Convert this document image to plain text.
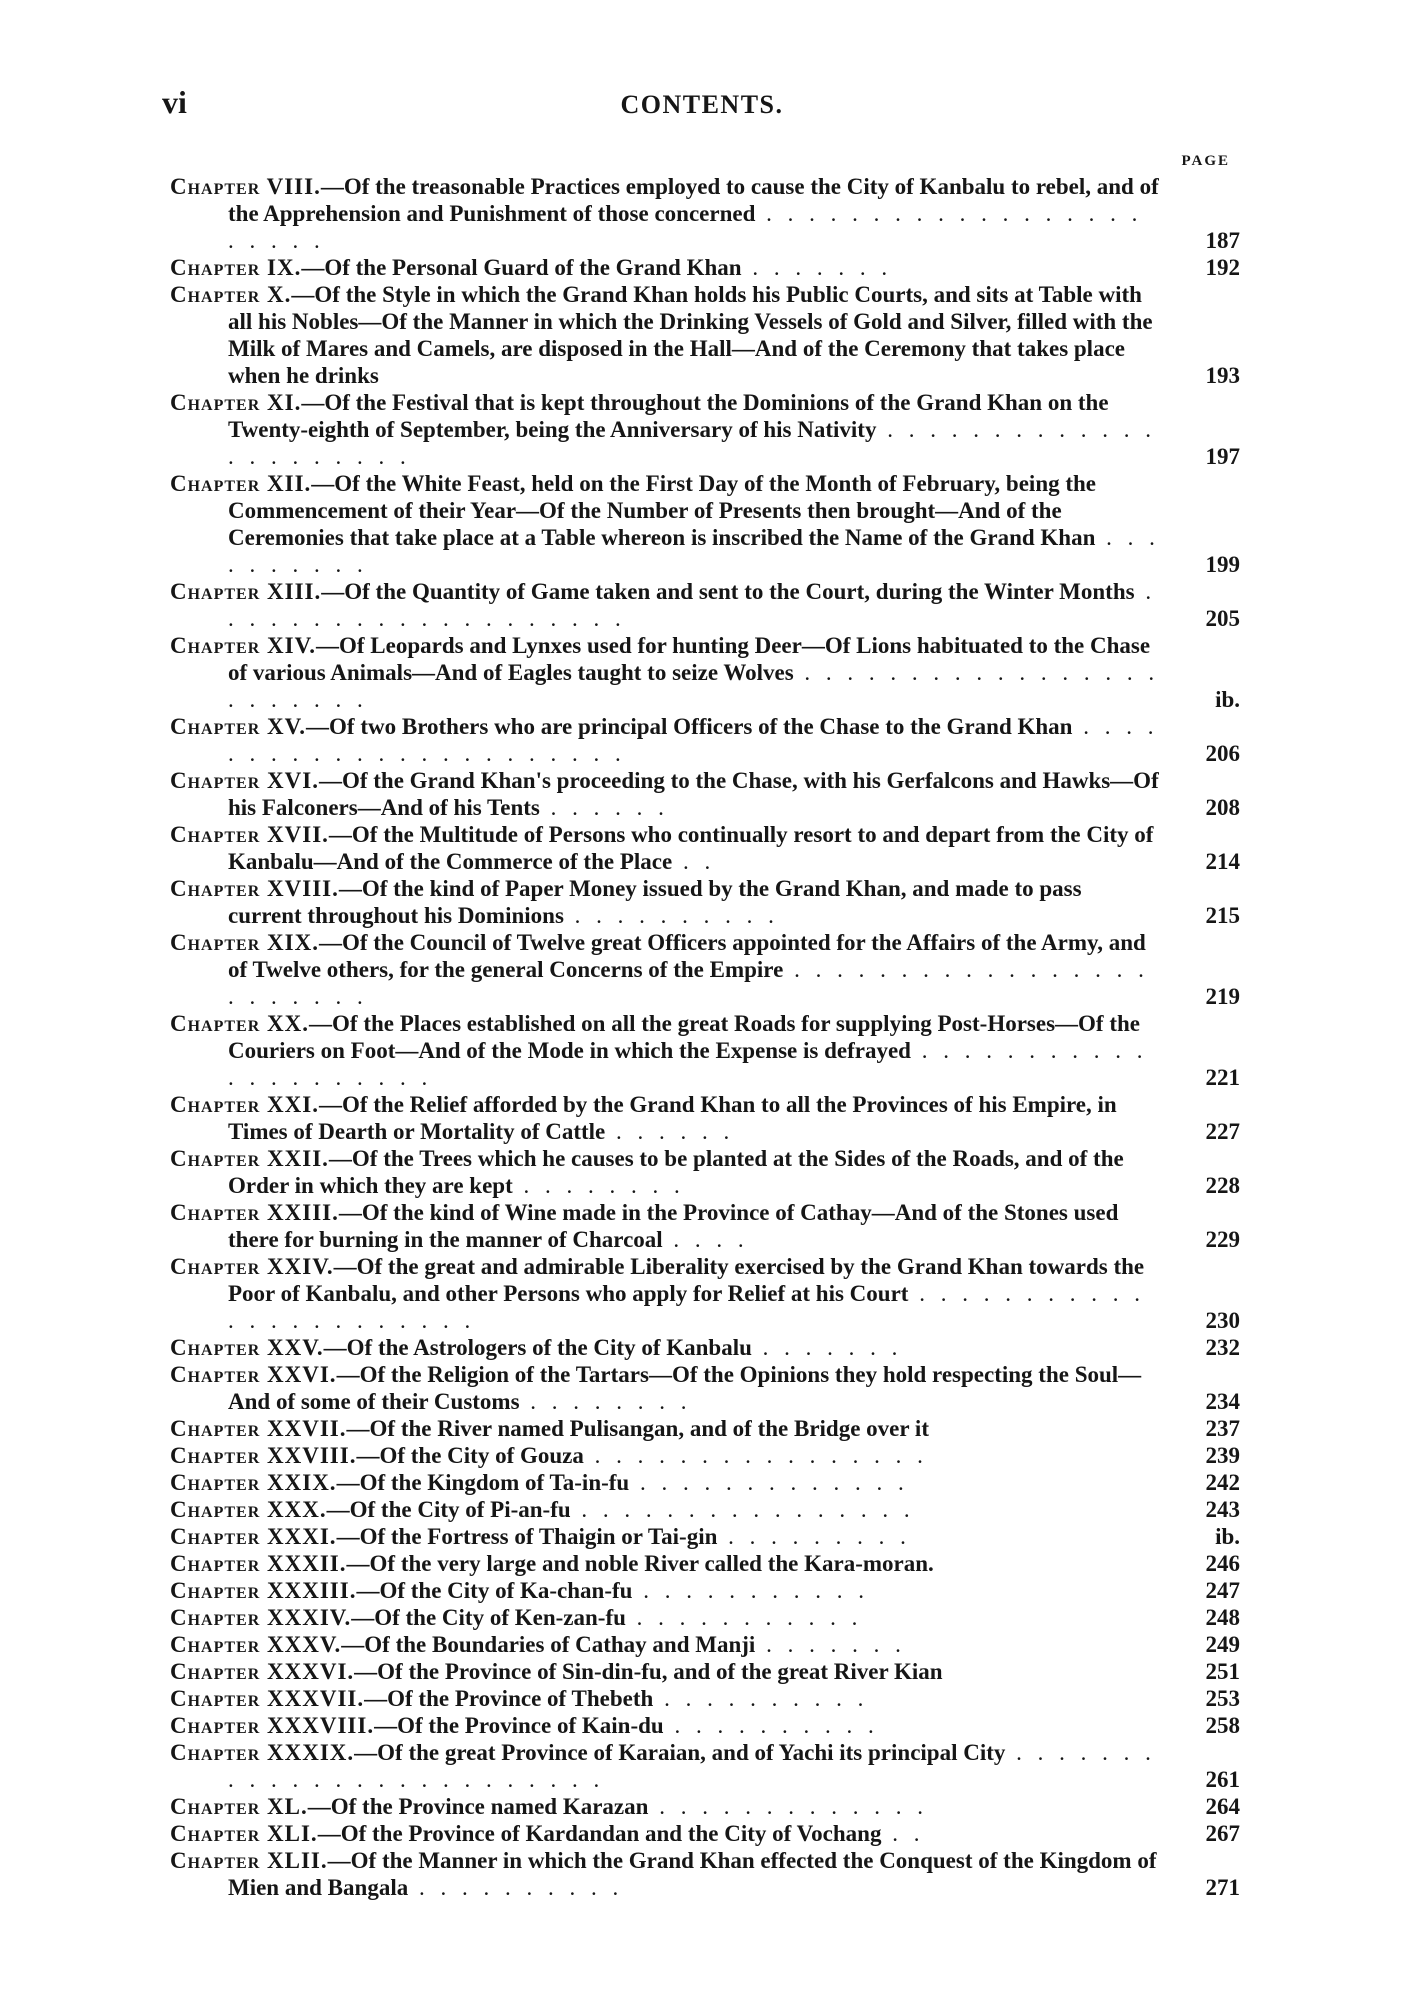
vi	CONTENTS.
PAGE
Chapter VIII.—Of the treasonable Practices employed to cause the City of Kanbalu to rebel, and of the Apprehension and Punishment of those concerned . . . . . . . . . . . . . . . . . . . . . . .	187
Chapter IX.—Of the Personal Guard of the Grand Khan . . . . . . .	192
Chapter X.—Of the Style in which the Grand Khan holds his Public Courts, and sits at Table with all his Nobles—Of the Manner in which the Drinking Vessels of Gold and Silver, filled with the Milk of Mares and Camels, are disposed in the Hall—And of the Ceremony that takes place when he drinks	193
Chapter XI.—Of the Festival that is kept throughout the Dominions of the Grand Khan on the Twenty-eighth of September, being the Anniversary of his Nativity . . . . . . . . . . . . . . . . . . . . . .	197
Chapter XII.—Of the White Feast, held on the First Day of the Month of February, being the Commencement of their Year—Of the Number of Presents then brought—And of the Ceremonies that take place at a Table whereon is inscribed the Name of the Grand Khan . . . . . . . . . .	199
Chapter XIII.—Of the Quantity of Game taken and sent to the Court, during the Winter Months . . . . . . . . . . . . . . . . . . . .	205
Chapter XIV.—Of Leopards and Lynxes used for hunting Deer—Of Lions habituated to the Chase of various Animals—And of Eagles taught to seize Wolves . . . . . . . . . . . . . . . . . . . . . . . .	ib.
Chapter XV.—Of two Brothers who are principal Officers of the Chase to the Grand Khan . . . . . . . . . . . . . . . . . . . . . . .	206
Chapter XVI.—Of the Grand Khan's proceeding to the Chase, with his Gerfalcons and Hawks—Of his Falconers—And of his Tents . . . . . .	208
Chapter XVII.—Of the Multitude of Persons who continually resort to and depart from the City of Kanbalu—And of the Commerce of the Place . .	214
Chapter XVIII.—Of the kind of Paper Money issued by the Grand Khan, and made to pass current throughout his Dominions . . . . . . . . . .	215
Chapter XIX.—Of the Council of Twelve great Officers appointed for the Affairs of the Army, and of Twelve others, for the general Concerns of the Empire . . . . . . . . . . . . . . . . . . . . . . . .	219
Chapter XX.—Of the Places established on all the great Roads for supplying Post-Horses—Of the Couriers on Foot—And of the Mode in which the Expense is defrayed . . . . . . . . . . . . . . . . . . . . .	221
Chapter XXI.—Of the Relief afforded by the Grand Khan to all the Provinces of his Empire, in Times of Dearth or Mortality of Cattle . . . . . .	227
Chapter XXII.—Of the Trees which he causes to be planted at the Sides of the Roads, and of the Order in which they are kept . . . . . . . .	228
Chapter XXIII.—Of the kind of Wine made in the Province of Cathay—And of the Stones used there for burning in the manner of Charcoal . . . .	229
Chapter XXIV.—Of the great and admirable Liberality exercised by the Grand Khan towards the Poor of Kanbalu, and other Persons who apply for Relief at his Court . . . . . . . . . . . . . . . . . . . . . . .	230
Chapter XXV.—Of the Astrologers of the City of Kanbalu . . . . . . .	232
Chapter XXVI.—Of the Religion of the Tartars—Of the Opinions they hold respecting the Soul—And of some of their Customs . . . . . . . .	234
Chapter XXVII.—Of the River named Pulisangan, and of the Bridge over it	237
Chapter XXVIII.—Of the City of Gouza . . . . . . . . . . . . . . . .	239
Chapter XXIX.—Of the Kingdom of Ta-in-fu . . . . . . . . . . . . .	242
Chapter XXX.—Of the City of Pi-an-fu . . . . . . . . . . . . . . . .	243
Chapter XXXI.—Of the Fortress of Thaigin or Tai-gin . . . . . . . . .	ib.
Chapter XXXII.—Of the very large and noble River called the Kara-moran.	246
Chapter XXXIII.—Of the City of Ka-chan-fu . . . . . . . . . . .	247
Chapter XXXIV.—Of the City of Ken-zan-fu . . . . . . . . . . .	248
Chapter XXXV.—Of the Boundaries of Cathay and Manji . . . . . . .	249
Chapter XXXVI.—Of the Province of Sin-din-fu, and of the great River Kian	251
Chapter XXXVII.—Of the Province of Thebeth . . . . . . . . . .	253
Chapter XXXVIII.—Of the Province of Kain-du . . . . . . . . . .	258
Chapter XXXIX.—Of the great Province of Karaian, and of Yachi its principal City . . . . . . . . . . . . . . . . . . . . . . . . .	261
Chapter XL.—Of the Province named Karazan . . . . . . . . . . . . .	264
Chapter XLI.—Of the Province of Kardandan and the City of Vochang . .	267
Chapter XLII.—Of the Manner in which the Grand Khan effected the Conquest of the Kingdom of Mien and Bangala . . . . . . . . . .	271
